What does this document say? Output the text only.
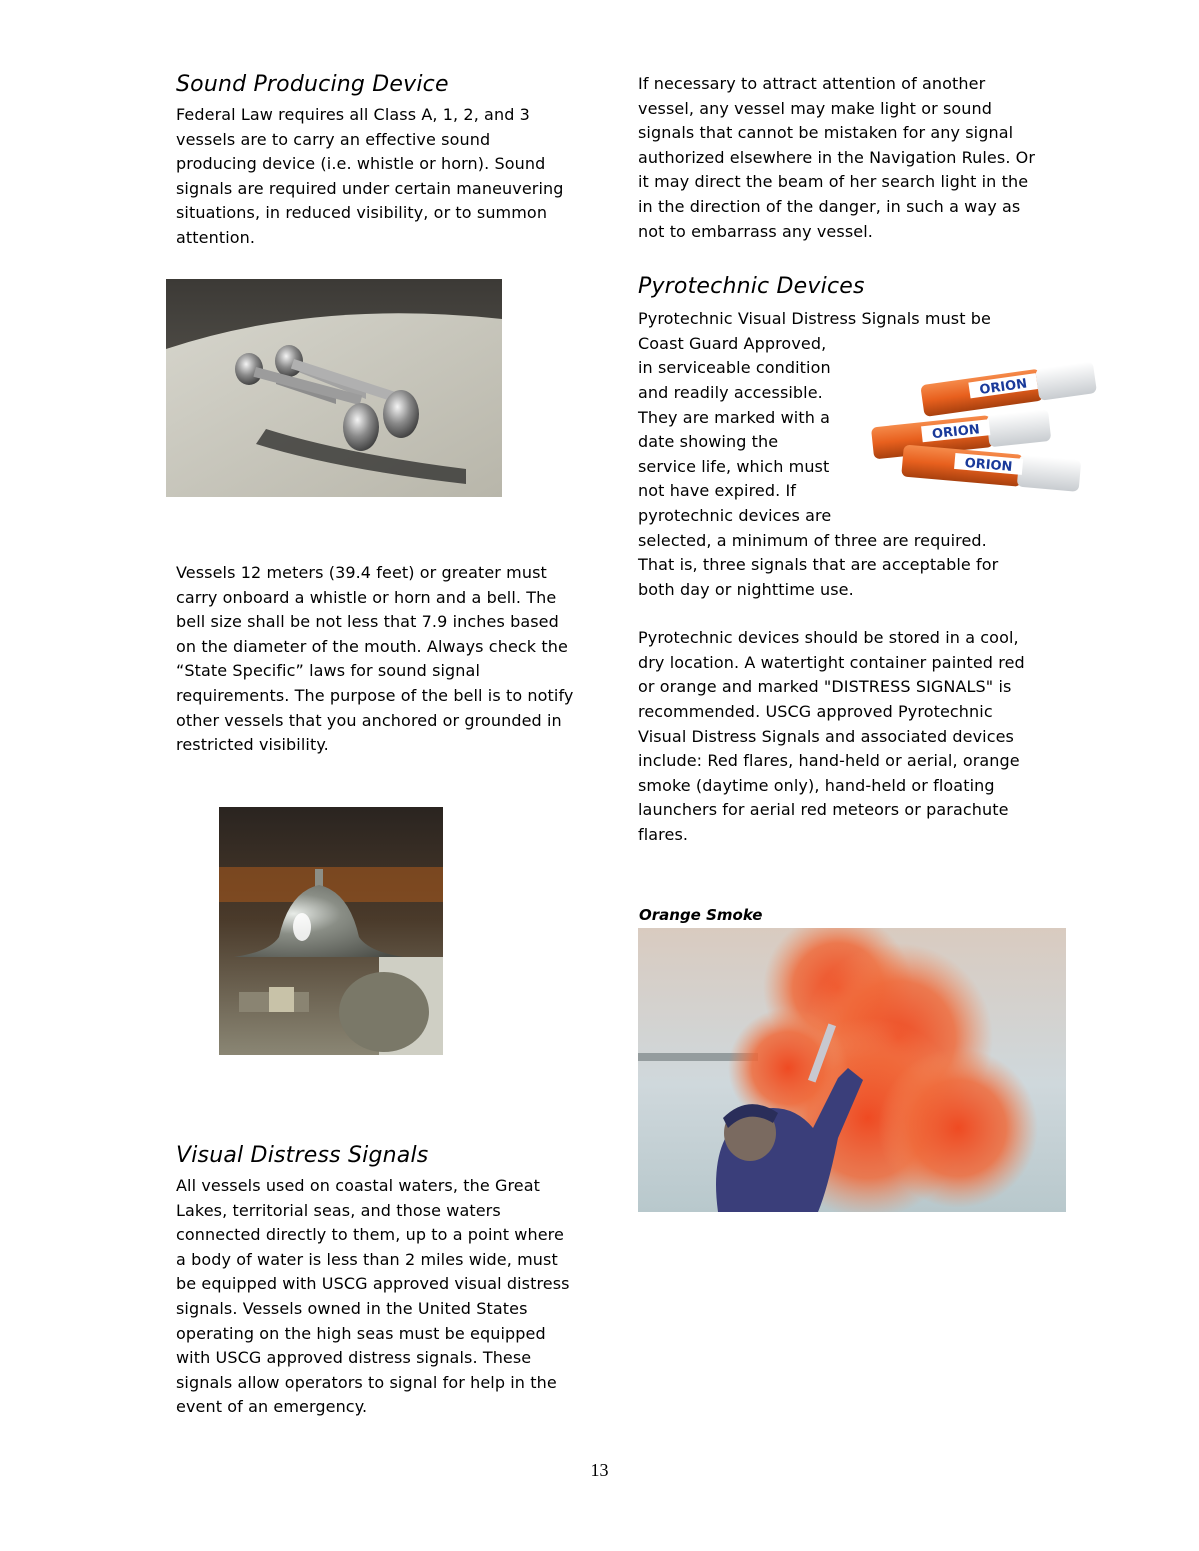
Sound Producing Device

Federal Law requires all Class A, 1, 2, and 3 vessels are to carry an effective sound producing device (i.e. whistle or horn). Sound signals are required under certain maneuvering situations, in reduced visibility, or to summon attention.

Vessels 12 meters (39.4 feet) or greater must carry onboard a whistle or horn and a bell. The bell size shall be not less that 7.9 inches based on the diameter of the mouth. Always check the “State Specific” laws for sound signal requirements. The purpose of the bell is to notify other vessels that you anchored or grounded in restricted visibility.

Visual Distress Signals

All vessels used on coastal waters, the Great Lakes, territorial seas, and those waters connected directly to them, up to a point where a body of water is less than 2 miles wide, must be equipped with USCG approved visual distress signals. Vessels owned in the United States operating on the high seas must be equipped with USCG approved distress signals. These signals allow operators to signal for help in the event of an emergency.

If necessary to attract attention of another vessel, any vessel may make light or sound signals that cannot be mistaken for any signal authorized elsewhere in the Navigation Rules. Or it may direct the beam of her search light in the in the direction of the danger, in such a way as not to embarrass any vessel.

Pyrotechnic Devices

Pyrotechnic Visual Distress Signals must be
Coast Guard Approved,
in serviceable condition
and readily accessible.
They are marked with a
date showing the
service life, which must
not have expired. If
pyrotechnic devices are
selected, a minimum of three are required.
That is, three signals that are acceptable for
both day or nighttime use.

Pyrotechnic devices should be stored in a cool, dry location. A watertight container painted red or orange and marked "DISTRESS SIGNALS" is recommended. USCG approved Pyrotechnic Visual Distress Signals and associated devices include: Red flares, hand-held or aerial, orange smoke (daytime only), hand-held or floating launchers for aerial red meteors or parachute flares.

ORION
ORION
ORION
Orange Smoke
13
